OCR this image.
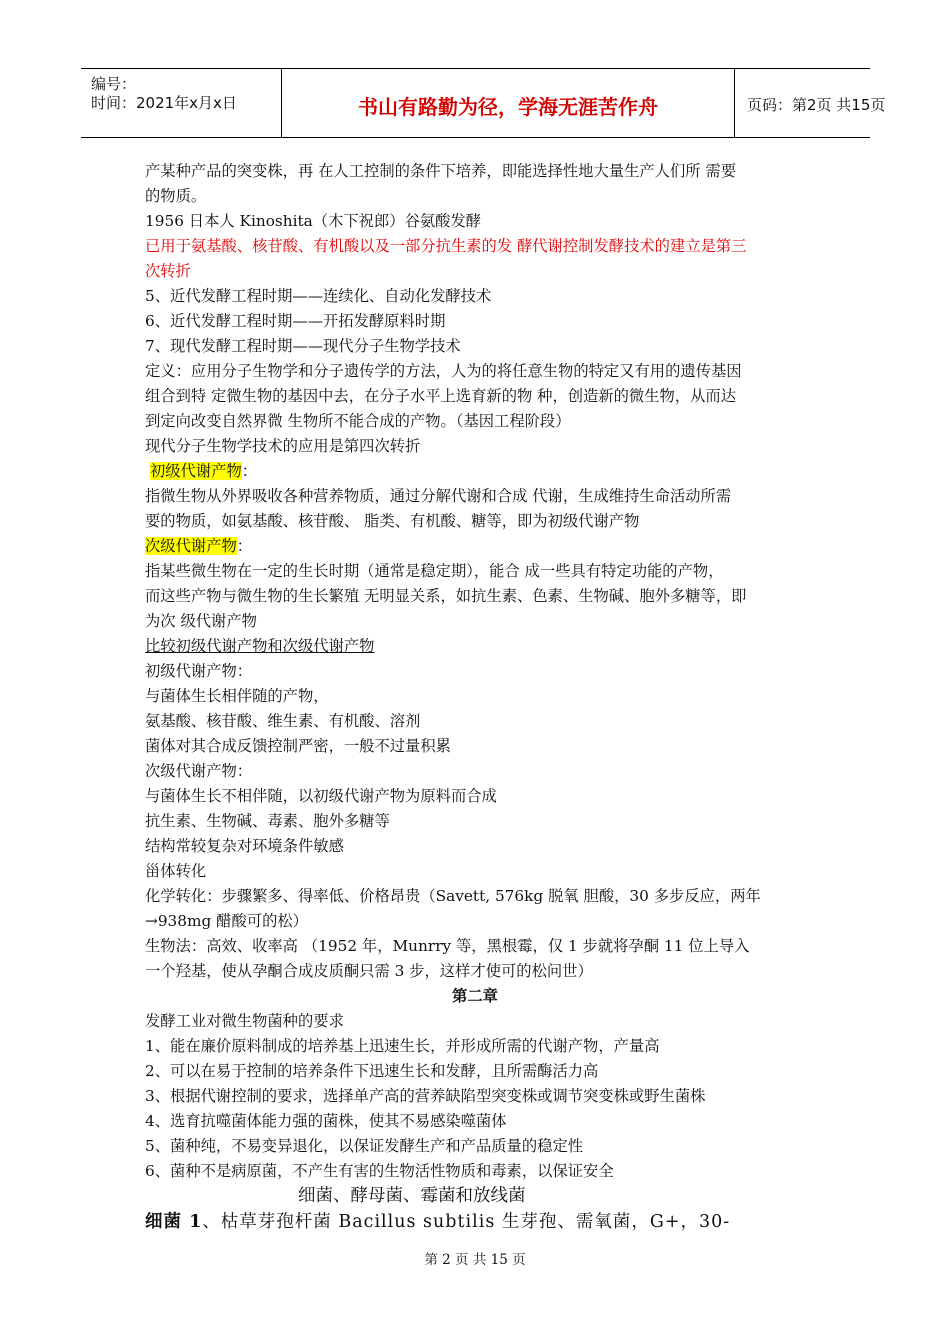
编号：
时间：2021年x月x日	书山有路勤为径，学海无涯苦作舟	页码：第2页 共15页
产某种产品的突变株，再 在人工控制的条件下培养，即能选择性地大量生产人们所 需要
的物质。
1956 日本人 Kinoshita（木下祝郎）谷氨酸发酵
已用于氨基酸、核苷酸、有机酸以及一部分抗生素的发 酵代谢控制发酵技术的建立是第三
次转折
5、近代发酵工程时期——连续化、自动化发酵技术
6、近代发酵工程时期——开拓发酵原料时期
7、现代发酵工程时期——现代分子生物学技术
定义：应用分子生物学和分子遗传学的方法，人为的将任意生物的特定又有用的遗传基因
组合到特 定微生物的基因中去，在分子水平上选育新的物 种，创造新的微生物，从而达
到定向改变自然界微 生物所不能合成的产物。（基因工程阶段）
现代分子生物学技术的应用是第四次转折
初级代谢产物：
指微生物从外界吸收各种营养物质，通过分解代谢和合成 代谢，生成维持生命活动所需
要的物质，如氨基酸、核苷酸、 脂类、有机酸、糖等，即为初级代谢产物
次级代谢产物：
指某些微生物在一定的生长时期（通常是稳定期），能合 成一些具有特定功能的产物，
而这些产物与微生物的生长繁殖 无明显关系，如抗生素、色素、生物碱、胞外多糖等，即
为次 级代谢产物
比较初级代谢产物和次级代谢产物
初级代谢产物：
与菌体生长相伴随的产物，
氨基酸、核苷酸、维生素、有机酸、溶剂
菌体对其合成反馈控制严密，一般不过量积累
次级代谢产物：
与菌体生长不相伴随，以初级代谢产物为原料而合成
抗生素、生物碱、毒素、胞外多糖等
结构常较复杂对环境条件敏感
甾体转化
化学转化：步骤繁多、得率低、价格昂贵（Savett, 576kg 脱氧 胆酸，30 多步反应，两年
→938mg 醋酸可的松）
生物法：高效、收率高 （1952 年，Munrry 等，黑根霉，仅 1 步就将孕酮 11 位上导入
一个羟基，使从孕酮合成皮质酮只需 3 步，这样才使可的松问世）
第二章
发酵工业对微生物菌种的要求
1、能在廉价原料制成的培养基上迅速生长，并形成所需的代谢产物，产量高
2、可以在易于控制的培养条件下迅速生长和发酵，且所需酶活力高
3、根据代谢控制的要求，选择单产高的营养缺陷型突变株或调节突变株或野生菌株
4、选育抗噬菌体能力强的菌株，使其不易感染噬菌体
5、菌种纯，不易变异退化，以保证发酵生产和产品质量的稳定性
6、菌种不是病原菌，不产生有害的生物活性物质和毒素，以保证安全
细菌、酵母菌、霉菌和放线菌
细菌 1、枯草芽孢杆菌 Bacillus subtilis 生芽孢、需氧菌，G+，30-
第 2 页 共 15 页
